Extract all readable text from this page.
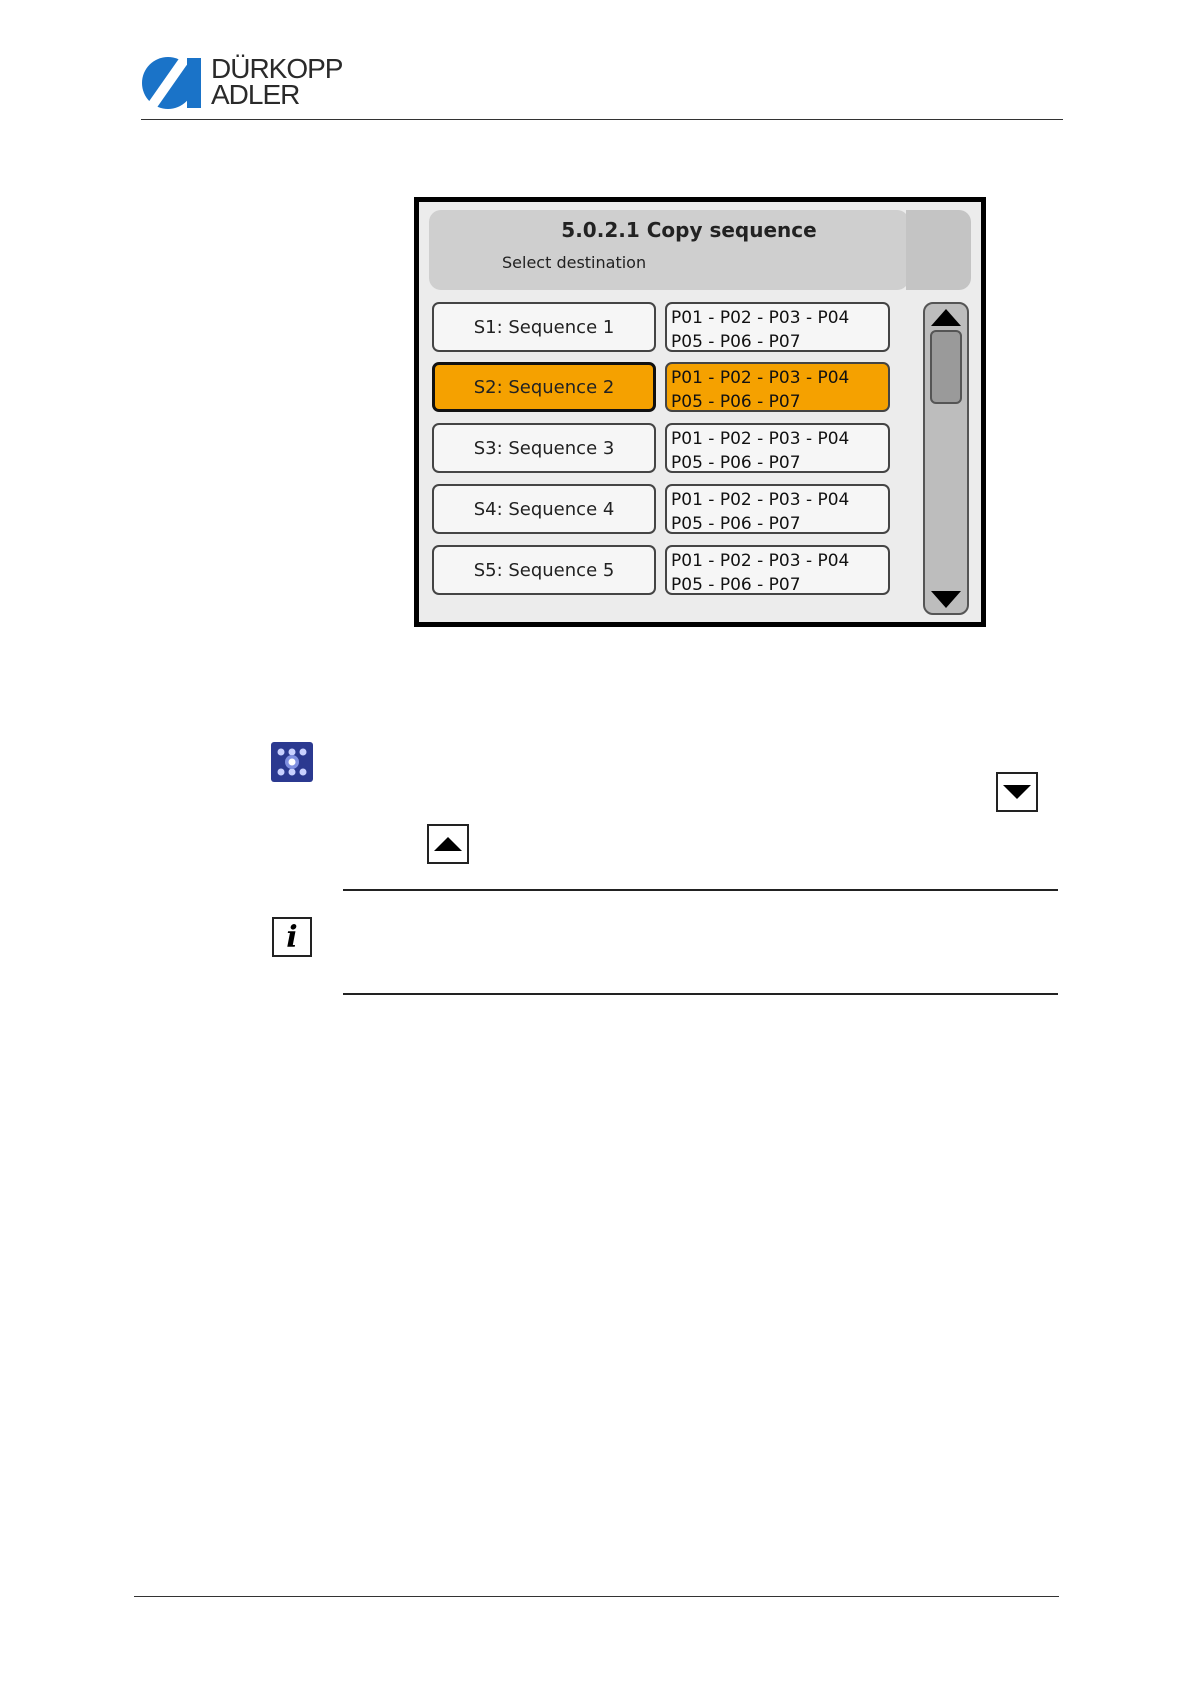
DÜRKOPP
ADLER
5.0.2.1 Copy sequence
Select destination
S1: Sequence 1	P01 - P02 - P03 - P04
P05 - P06 - P07
S2: Sequence 2	P01 - P02 - P03 - P04
P05 - P06 - P07
S3: Sequence 3	P01 - P02 - P03 - P04
P05 - P06 - P07
S4: Sequence 4	P01 - P02 - P03 - P04
P05 - P06 - P07
S5: Sequence 5	P01 - P02 - P03 - P04
P05 - P06 - P07
i
